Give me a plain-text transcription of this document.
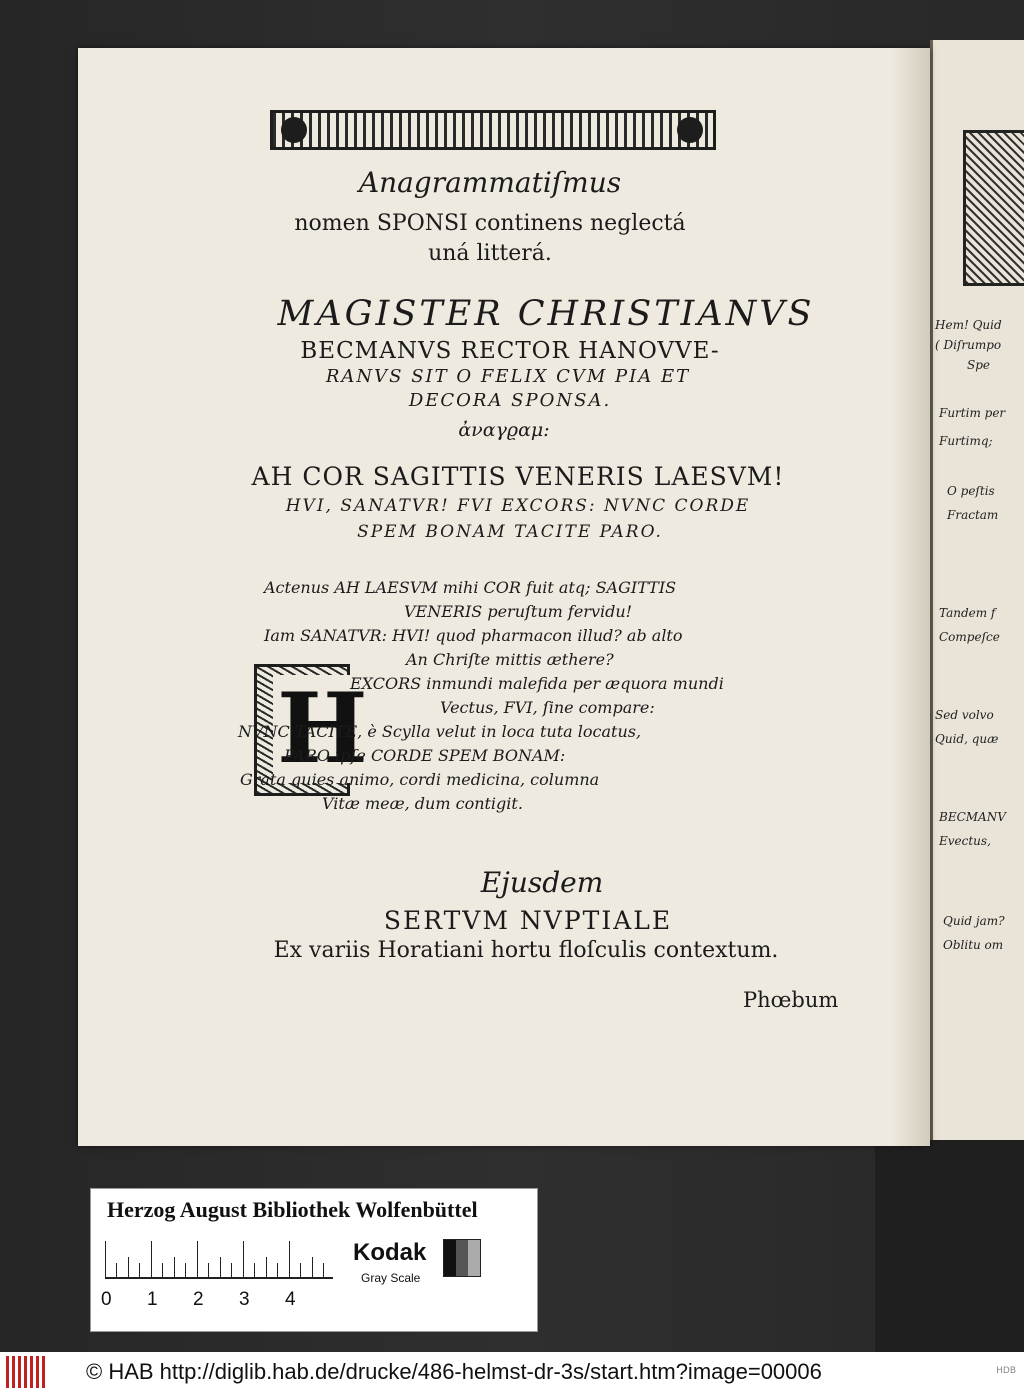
Hem! Quid
( Diſrumpo
Spe
Furtim per
Furtimq;
O peſtis
Fractam
Tandem f
Compeſce
Sed volvo
Quid, quæ
BECMANV
Evectus,
Quid jam?
Oblitu om
Anagrammatiſmus
nomen SPONSI continens neglectá
uná litterá.
MAGISTER CHRISTIANVS
BECMANVS RECTOR HANOVVE-
RANVS SIT O FELIX CVM PIA ET
DECORA SPONSA.
ἀναγϱαμ:
AH COR SAGITTIS VENERIS LAESVM!
HVI, SANATVR! FVI EXCORS: NVNC CORDE
SPEM BONAM TACITE PARO.
H
Actenus AH LAESVM mihi COR fuit atq; SAGITTIS
VENERIS peruſtum fervidu!
Iam SANATVR: HVI! quod pharmacon illud? ab alto
An Chriſte mittis æthere?
EXCORS inmundi malefida per æquora mundi
Vectus, FVI, ſine compare:
NVNC TACITE, è Scylla velut in loca tuta locatus,
PARO ipſe CORDE SPEM BONAM:
Grata quies animo, cordi medicina, columna
Vitæ meæ, dum contigit.
Ejusdem
SERTVM NVPTIALE
Ex variis Horatiani hortu floſculis contextum.
Phœbum
Herzog August Bibliothek Wolfenbüttel
0 1 2 3 4
Kodak
Gray Scale
© HAB http://diglib.hab.de/drucke/486-helmst-dr-3s/start.htm?image=00006	HDB
